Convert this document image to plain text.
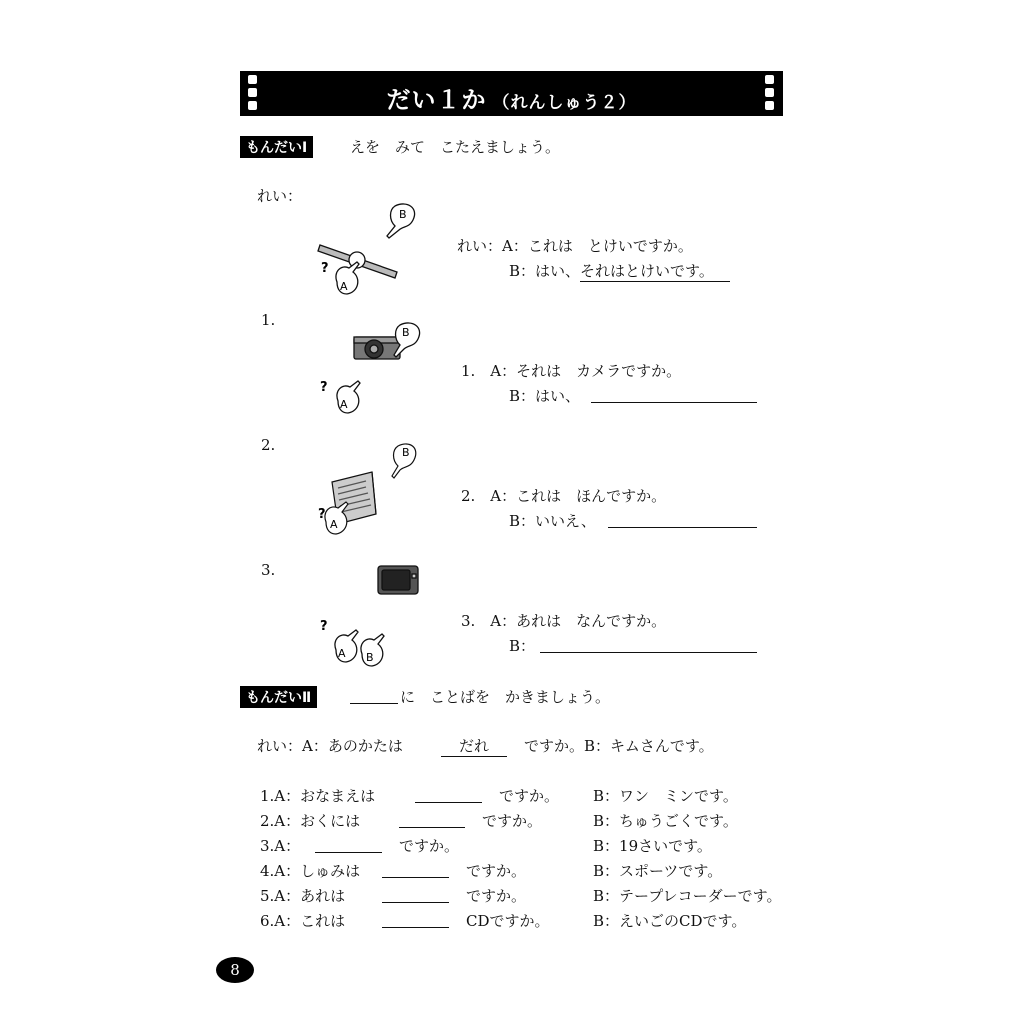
だい１か （れんしゅう２）
もんだいⅠ	えを　みて　こたえましょう。
れい：
B
A
?
れい：A：これは　とけいですか。
B：はい、それはとけいです。
1.
B
A
?
1.　A：それは　カメラですか。
B：はい、
2.	B
A
?
2.　A：これは　ほんですか。
B：いいえ、
3.
A B
?	3.　A：あれは　なんですか。
B：
もんだいⅡ	に　ことばを　かきましょう。
れい：A：あのかたは	だれ	ですか。B：キムさんです。
1.A：おなまえは	ですか。 B：ワン　ミンです。
2.A：おくには	ですか。	B：ちゅうごくです。
3.A：	ですか。	B：19さいです。
4.A：しゅみは	ですか。	B：スポーツです。
5.A：あれは	ですか。	B：テープレコーダーです。
6.A：これは	CDですか。	B：えいごのCDです。
8
